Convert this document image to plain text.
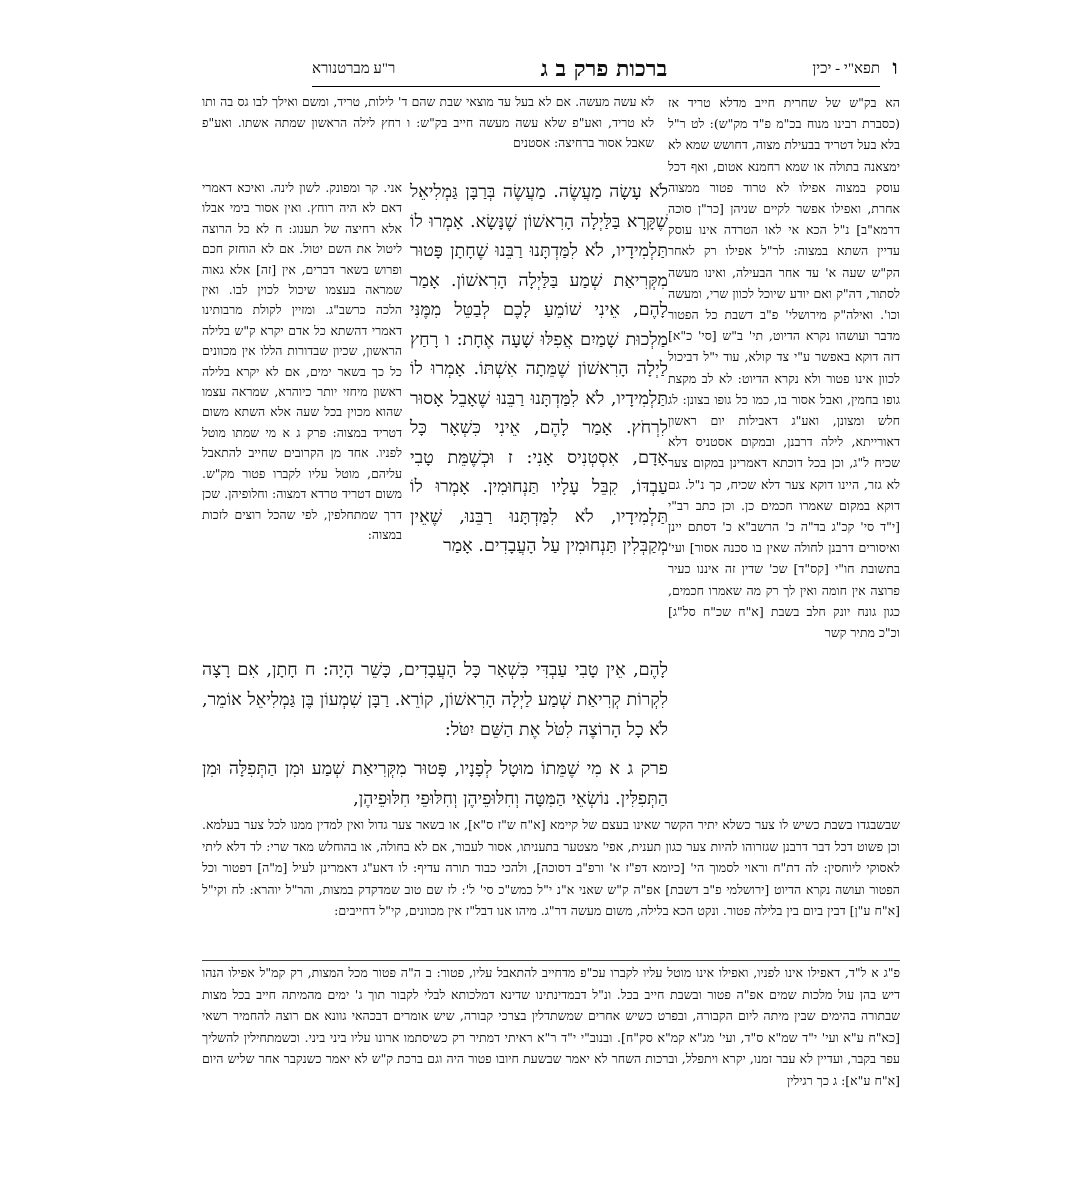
ו
תפא"י - יכין
ברכות פרק ב ג
ר"ע מברטנורא
הא בק"ש של שחרית חייב מדלא טריד אז (כסברת רבינו מנוח בכ"מ פ"ד מק"ש): לט ר"ל בלא בעל דטריד בבעילת מצוה, דחושש שמא לא ימצאנה בתולה או שמא רחמנא אטום, ואף דכל עוסק במצוה אפילו לא טרוד פטור ממצוה אחרת, ואפילו אפשר לקיים שניהן [כר"ן סוכה דרמא"ב] נ"ל הכא אי לאו הטרדה אינו עוסק עדיין השתא במצוה: לר"ל אפילו רק לאחר הק"ש שעה א' עד אחר הבעילה, ואינו מעשה לסתור, דה"ק ואם יודע שיוכל לכוון שרי, ומעשה וכו'. ואילה"ק מירושלי' פ"ב דשבת כל הפטור מדבר ועושהו נקרא הדיוט, תי' ב"ש [סי' כ"א] דזה דוקא באפשר ע"י צד קולא, עוד י"ל דביכול לכוון אינו פטור ולא נקרא הדיוט: לא לב מקצת גופו בחמין, ואבל אסור בו, כמו כל גופו בצונן: לג חלש ומצונן, ואע"ג דאבילות יום ראשון דאורייתא, לילה דרבנן, ובמקום אסטניס דלא שכיח ל"ג, וכן בכל דוכתא דאמרינן במקום צער לא גזר, היינו דוקא צער דלא שכיח, כך נ"ל. גם דוקא במקום שאמרו חכמים כן. וכן כתב רב"י [י"ד סי' קכ"ג בד"ה כ' הרשב"א כ' דסתם יינן ואיסורים דרבנן לחולה שאין בו סכנה אסור] ועי' בתשובת חו"י [קס"ד] שכ' שדין זה איננו כעיר פרוצה אין חומה ואין לך רק מה שאמרו חכמים, כגון גונח יונק חלב בשבת [א"ח שכ"ח סל"ג] וכ"כ מתיר קשר
לא עשה מעשה. אם לא בעל עד מוצאי שבת שהם ד' לילות, טריד, ומשם ואילך לבו גס בה ותו לא טריד, ואע"פ שלא עשה מעשה חייב בק"ש: ו רחץ לילה הראשון שמתה אשתו. ואע"פ שאבל אסור ברחיצה: אסטנים
אני. קר ומפונק. לשון לינה. ואיכא דאמרי דאם לא היה רוחץ. ואין אסור בימי אבלו אלא רחיצה של תענוג: ח לא כל הרוצה ליטול את השם יטול. אם לא הוחזק חכם ופרוש בשאר דברים, אין [זה] אלא גאוה שמראה בעצמו שיכול לכוין לבו. ואין הלכה כרשב"ג. ומזיין לקולת מרבותינו דאמרי דהשתא כל אדם יקרא ק"ש בלילה הראשון, שכיון שבדורות הללו אין מכוונים כל כך בשאר ימים, אם לא יקרא בלילה ראשון מיחזי יותר כיוהרא, שמראה עצמו שהוא מכוין בכל שעה אלא השתא משום דטריד במצוה: פרק ג א מי שמתו מוטל לפניו. אחד מן הקרובים שחייב להתאבל עליהם, מוטל עליו לקברו פטור מק"ש. משום דטריד טרדא דמצוה: וחלופיהן. שכן דרך שמתחלפין, לפי שהכל רוצים לזכות במצוה:
לֹא עָשָׂה מַעֲשֶׂה. מַעֲשֶׂה בְּרַבָּן גַּמְלִיאֵל שֶׁקָּרָא בַּלַּיְלָה הָרִאשׁוֹן שֶׁנָּשָׂא. אָמְרוּ לוֹ תַּלְמִידָיו, לֹא לִמַּדְתָּנוּ רַבֵּנוּ שֶׁחָתָן פָּטוּר מִקְּרִיאַת שְׁמַע בַּלַּיְלָה הָרִאשׁוֹן. אָמַר לָהֶם, אֵינִי שׁוֹמֵעַ לָכֶם לְבַטֵּל מִמֶּנִּי מַלְכוּת שָׁמַיִם אֲפִלּוּ שָׁעָה אֶחָת: ו רָחַץ לַיְלָה הָרִאשׁוֹן שֶׁמֵּתָה אִשְׁתּוֹ. אָמְרוּ לוֹ תַּלְמִידָיו, לֹא לִמַּדְתָּנוּ רַבֵּנוּ שֶׁאָבֵל אָסוּר לִרְחֹץ. אָמַר לָהֶם, אֵינִי כִּשְׁאָר כָּל אָדָם, אִסְטְנִיס אָנִי: ז וּכְשֶׁמֵּת טָבִי עַבְדּוֹ, קִבֵּל עָלָיו תַּנְחוּמִין. אָמְרוּ לוֹ תַּלְמִידָיו, לֹא לִמַּדְתָּנוּ רַבֵּנוּ, שֶׁאֵין מְקַבְּלִין תַּנְחוּמִין עַל הָעֲבָדִים. אָמַר
לָהֶם, אֵין טָבִי עַבְדִּי כִּשְׁאָר כָּל הָעֲבָדִים, כָּשֵׁר הָיָה: ח חָתָן, אִם רָצָה לִקְרוֹת קְרִיאַת שְׁמַע לַיְלָה הָרִאשׁוֹן, קוֹרֵא. רַבָּן שִׁמְעוֹן בֶּן גַּמְלִיאֵל אוֹמֵר, לֹא כָל הָרוֹצֶה לִטֹּל אֶת הַשֵּׁם יִטֹּל:
פרק ג א מִי שֶׁמֵּתוֹ מוּטָל לְפָנָיו, פָּטוּר מִקְּרִיאַת שְׁמַע וּמִן הַתְּפִלָּה וּמִן הַתְּפִלִּין. נוֹשְׂאֵי הַמִּטָּה וְחִלּוּפֵיהֶן וְחִלּוּפֵי חִלּוּפֵיהֶן,
שבשבגדו בשבת כשיש לו צער כשלא יתיר הקשר שאינו בעצם של קיימא [א"ח ש"ז ס"א], או בשאר צער גדול ואין למדין ממנו לכל צער בעלמא. וכן פשוט דכל דבר דרבנן שגזרוהו להיות צער כגון תענית, אפי' מצטער בתעניתו, אסור לעבור, אם לא בחולה, או בהוחלש מאד שרי: לד דלא ליתי לאסוקי ליוחסין: לה דת"ח וראוי לסמוך הי' [כיומא דפ"ז א' ורפ"ב דסוכה], ולהכי כבוד תורה עדיף: לו דאע"ג דאמרינן לעיל [מ"ה] דפטור וכל הפטור ועושה נקרא הדיוט [ירושלמי פ"ב דשבת] אפ"ה ק"ש שאני א"נ י"ל כמש"כ סי' ל': לז שם טוב שמדקדק במצות, והר"ל יוהרא: לח וקי"ל [א"ח ע"ן] דבין ביום בין בלילה פטור. ונקט הכא בלילה, משום מעשה דר"ג. מיהו אנו דבל"ז אין מכוונים, קי"ל דחייבים:
פ"ג א ל"ד, דאפילו אינו לפניו, ואפילו אינו מוטל עליו לקברו עכ"פ מדחייב להתאבל עליו, פטור: ב ה"ה פטור מכל המצות, רק קמ"ל אפילו הנהו דיש בהן עול מלכות שמים אפ"ה פטור ובשבת חייב בכל. ונ"ל דבמדינתינו שדינא דמלכותא לבלי לקבור תוך ג' ימים מהמיתה חייב בכל מצות שבתורה בהימים שבין מיתה ליום הקבורה, ובפרט כשיש אחרים שמשתדלין בצרכי קבורה, שיש אומרים דבכהאי גוונא אם רוצה להחמיר רשאי [כא"ח ע"א ועי' י"ד שמ"א ס"ד, ועי' מג"א קמ"א סק"ח]. ובנוב"י י"ד ר"א ראיתי דמתיר רק כשיסתמו ארונו עליו ביני ביני. וכשמתחילין להשליך עפר בקבר, ועדיין לא עבר זמנו, יקרא ויתפלל, וברכות השחר לא יאמר שבשעת חיובו פטור היה וגם ברכת ק"ש לא יאמר כשנקבר אחר שליש היום [א"ח ע"א]: ג כך רגילין
